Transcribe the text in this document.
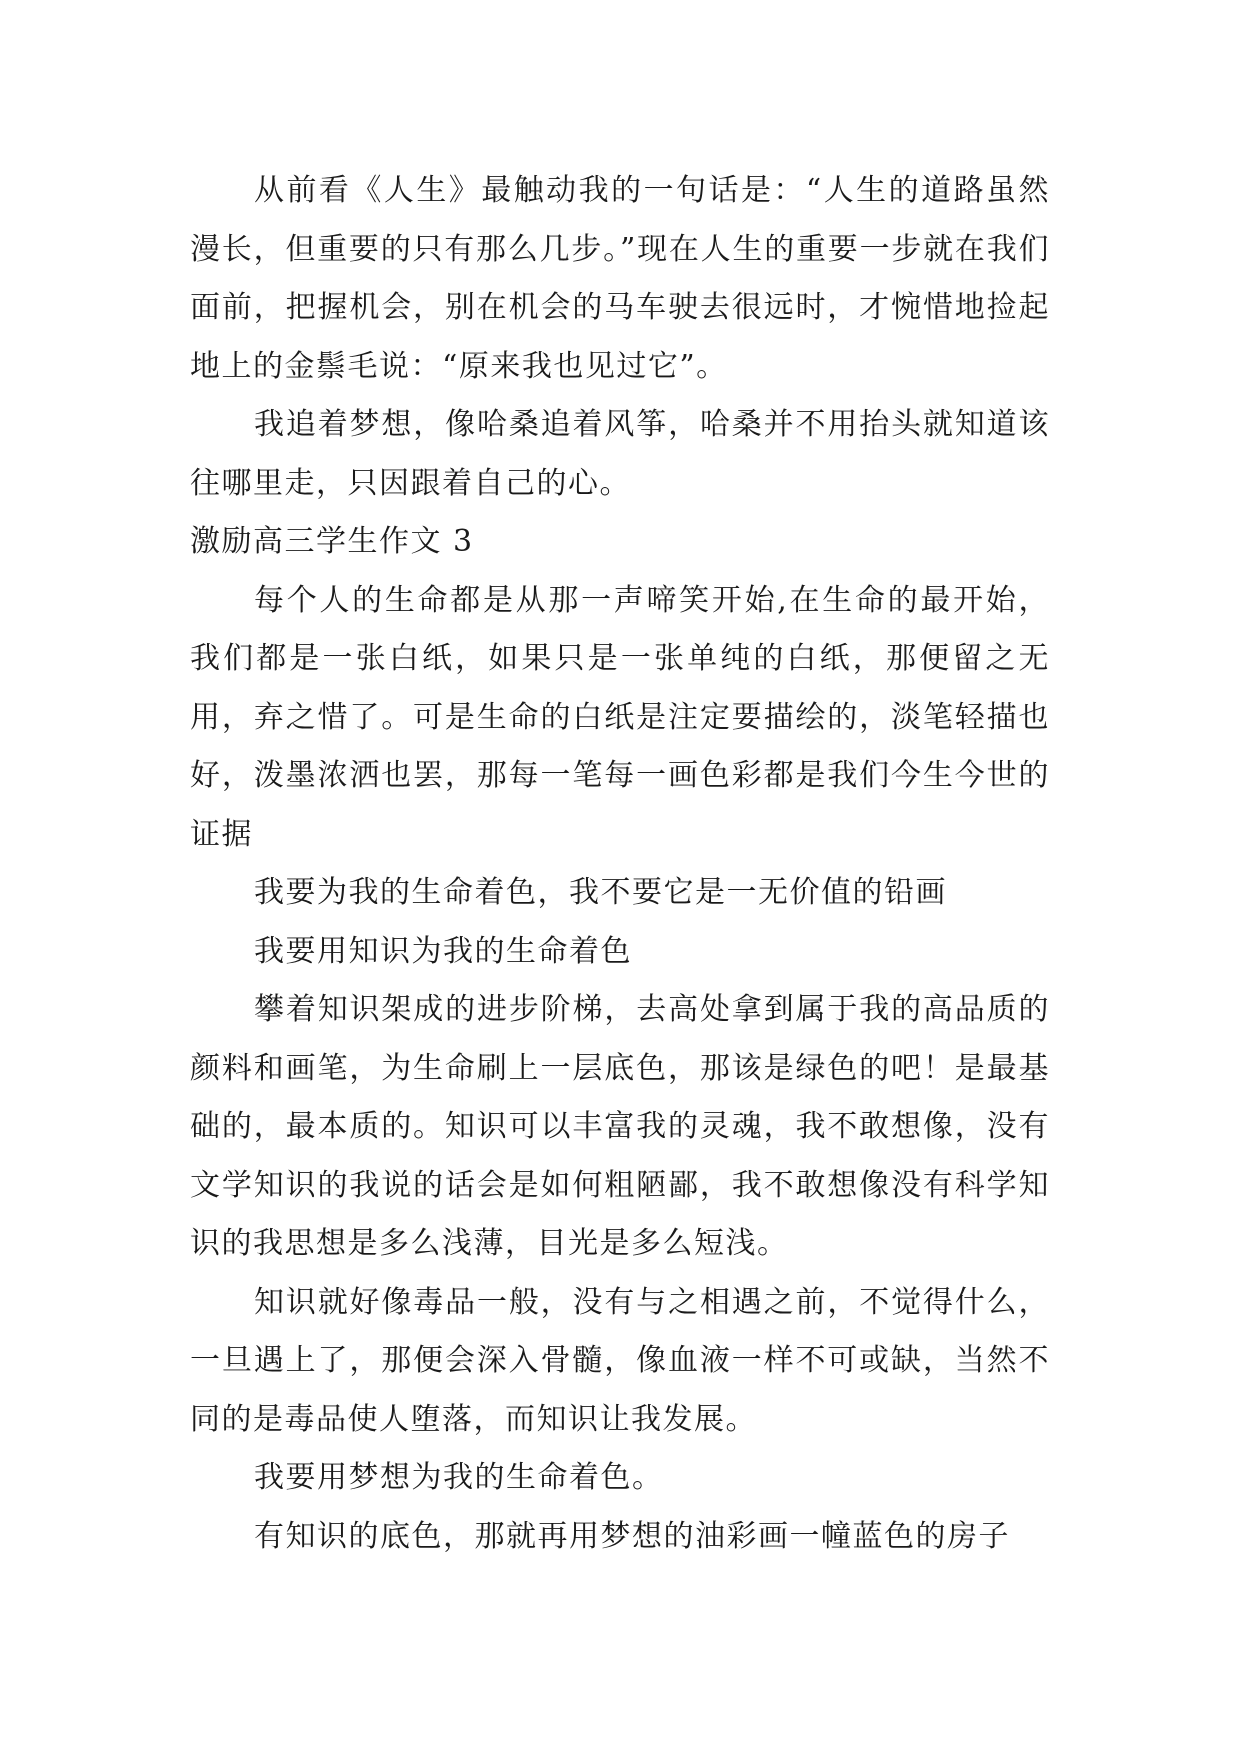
从前看《人生》最触动我的一句话是：“人生的道路虽然漫长，但重要的只有那么几步。”现在人生的重要一步就在我们面前，把握机会，别在机会的马车驶去很远时，才惋惜地捡起地上的金鬃毛说：“原来我也见过它”。

我追着梦想，像哈桑追着风筝，哈桑并不用抬头就知道该往哪里走，只因跟着自己的心。

激励高三学生作文 3

每个人的生命都是从那一声啼笑开始,在生命的最开始，我们都是一张白纸，如果只是一张单纯的白纸，那便留之无用，弃之惜了。可是生命的白纸是注定要描绘的，淡笔轻描也好，泼墨浓洒也罢，那每一笔每一画色彩都是我们今生今世的证据

我要为我的生命着色，我不要它是一无价值的铅画

我要用知识为我的生命着色

攀着知识架成的进步阶梯，去高处拿到属于我的高品质的颜料和画笔，为生命刷上一层底色，那该是绿色的吧！是最基础的，最本质的。知识可以丰富我的灵魂，我不敢想像，没有文学知识的我说的话会是如何粗陋鄙，我不敢想像没有科学知识的我思想是多么浅薄，目光是多么短浅。

知识就好像毒品一般，没有与之相遇之前，不觉得什么，一旦遇上了，那便会深入骨髓，像血液一样不可或缺，当然不同的是毒品使人堕落，而知识让我发展。

我要用梦想为我的生命着色。

有知识的底色，那就再用梦想的油彩画一幢蓝色的房子
